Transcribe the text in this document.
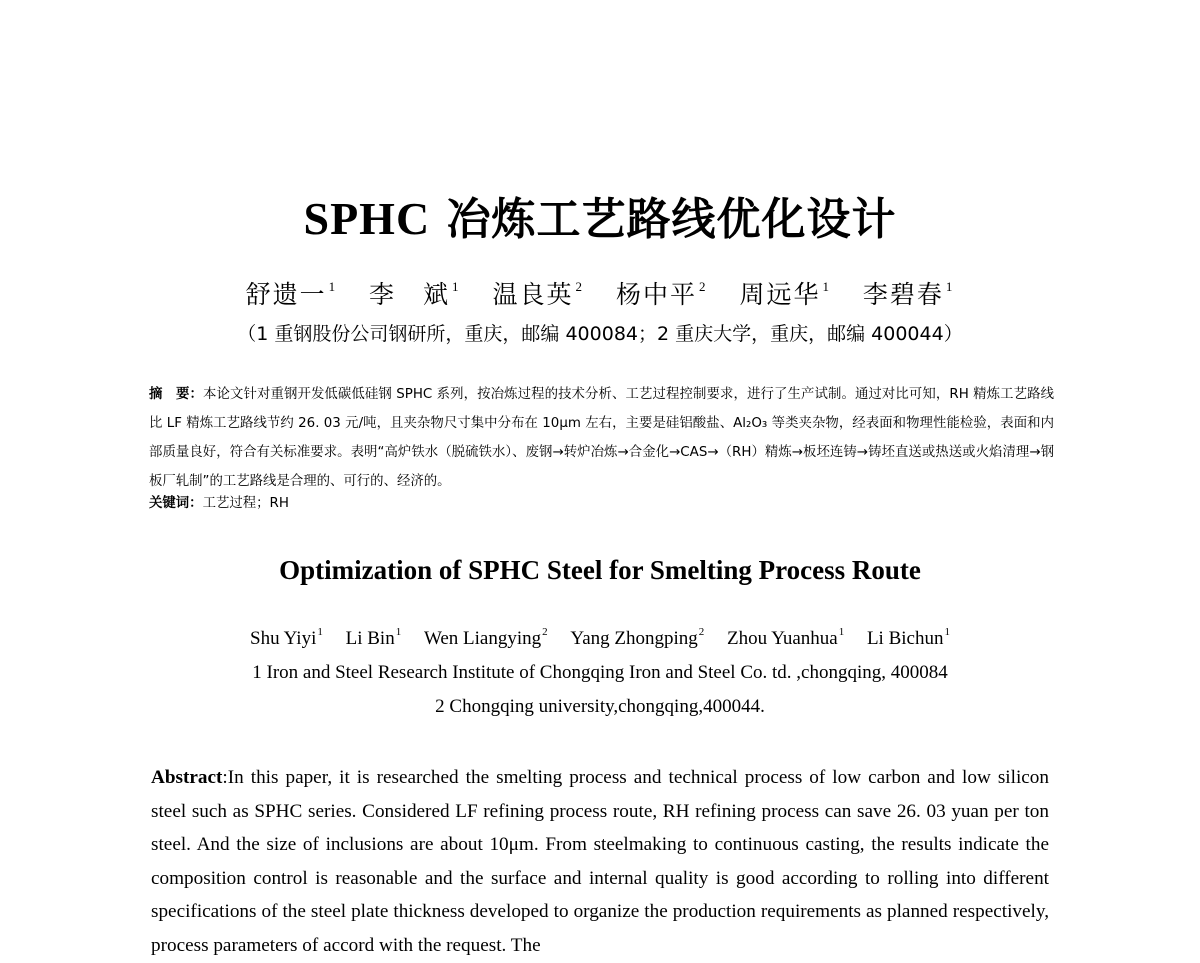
SPHC 冶炼工艺路线优化设计
舒遗一 $^1$ 李　斌 $^1$ 温良英 $^2$ 杨中平 $^2$ 周远华 $^1$ 李碧春 $^1$
（1 重钢股份公司钢研所，重庆，邮编 400084；2 重庆大学，重庆，邮编 400044）
摘　要：本论文针对重钢开发低碳低硅钢 SPHC 系列，按冶炼过程的技术分析、工艺过程控制要求，进行了生产试制。通过对比可知，RH 精炼工艺路线比 LF 精炼工艺路线节约 26. 03 元/吨，且夹杂物尺寸集中分布在 10μm 左右，主要是硅铝酸盐、Al₂O₃ 等类夹杂物，经表面和物理性能检验，表面和内部质量良好，符合有关标准要求。表明“高炉铁水（脱硫铁水）、废钢→转炉冶炼→合金化→CAS→（RH）精炼→板坯连铸→铸坯直送或热送或火焰清理→钢板厂轧制”的工艺路线是合理的、可行的、经济的。
关键词：工艺过程；RH
Optimization of SPHC Steel for Smelting Process Route
Shu Yiyi$^1$ Li Bin$^1$ Wen Liangying$^2$ Yang Zhongping$^2$ Zhou Yuanhua$^1$ Li Bichun$^1$
1 Iron and Steel Research Institute of Chongqing Iron and Steel Co. td. ,chongqing, 400084
2 Chongqing university,chongqing,400044.
Abstract:In this paper, it is researched the smelting process and technical process of low carbon and low silicon steel such as SPHC series. Considered LF refining process route, RH refining process can save 26. 03 yuan per ton steel. And the size of inclusions are about 10μm. From steelmaking to continuous casting, the results indicate the composition control is reasonable and the surface and internal quality is good according to rolling into different specifications of the steel plate thickness developed to organize the production requirements as planned respectively, process parameters of accord with the request. The
